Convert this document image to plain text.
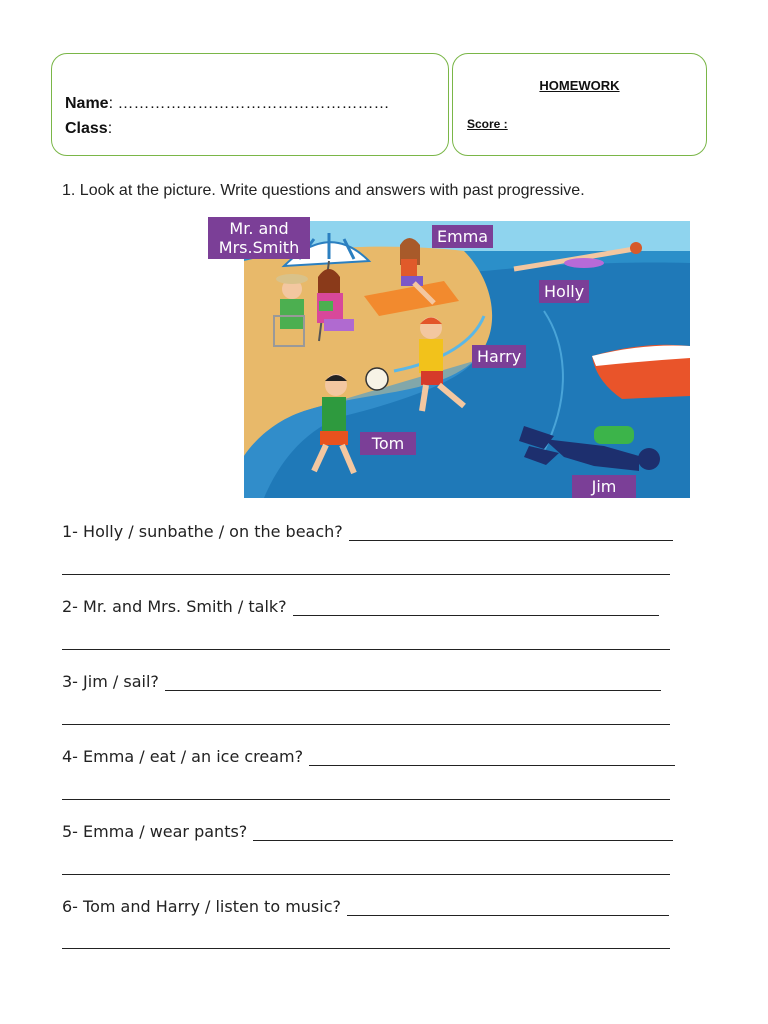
Name: ……………………………………………
Class:
HOMEWORK
Score :
1. Look at the picture. Write questions and answers with past progressive.
Mr. and
Mrs.Smith
Emma
Holly
Harry
Tom
Jim
1- Holly / sunbathe / on the beach?
2- Mr. and Mrs. Smith / talk?
3- Jim / sail?
4- Emma / eat / an ice cream?
5- Emma / wear pants?
6- Tom and Harry / listen to music?
